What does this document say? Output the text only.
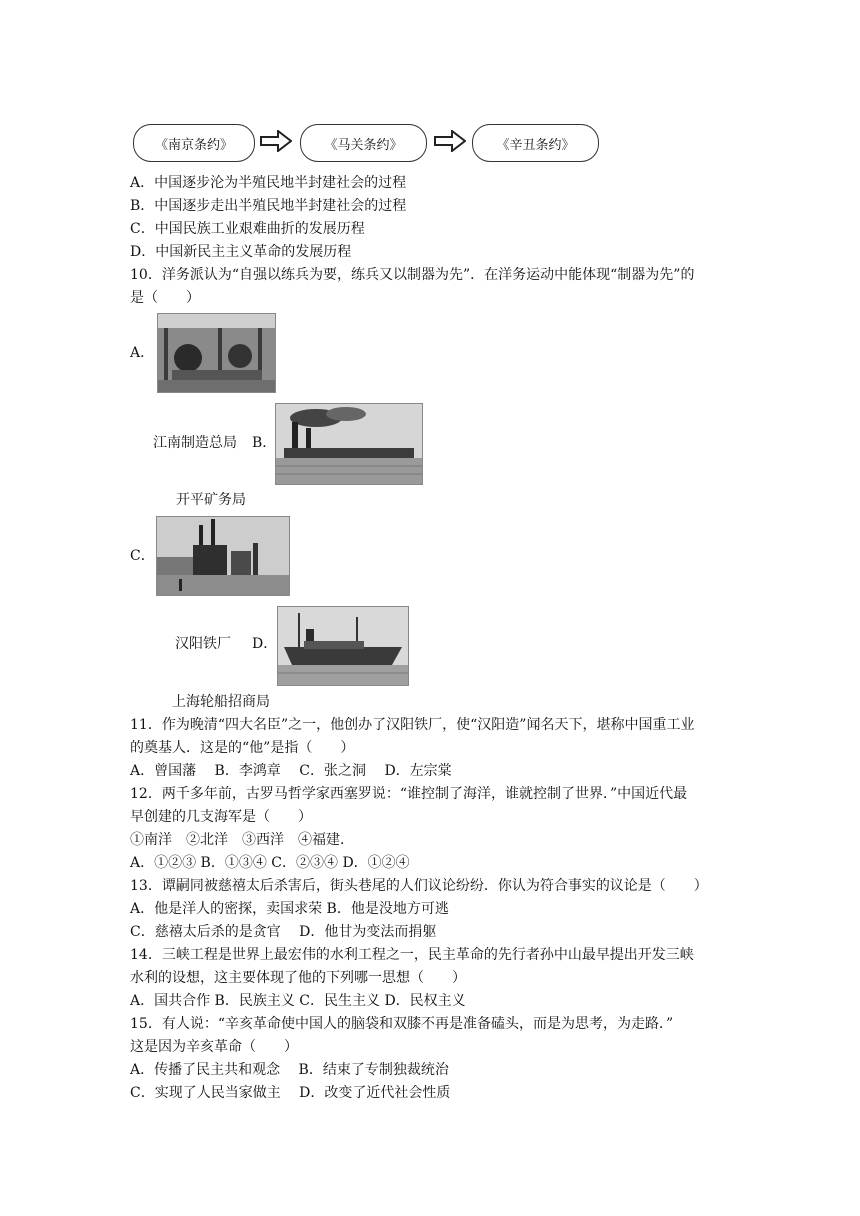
《南京条约》	《马关条约》	《辛丑条约》
A．中国逐步沦为半殖民地半封建社会的过程
B．中国逐步走出半殖民地半封建社会的过程
C．中国民族工业艰难曲折的发展历程
D．中国新民主主义革命的发展历程
10．洋务派认为“自强以练兵为要，练兵又以制器为先”．在洋务运动中能体现“制器为先”的
是（　　）
A．
江南制造总局 B．
开平矿务局
C．
汉阳铁厂 D．
上海轮船招商局
11．作为晚清“四大名臣”之一，他创办了汉阳铁厂，使“汉阳造”闻名天下，堪称中国重工业
的奠基人．这是的“他”是指（　　）
A．曾国藩　 B．李鸿章　 C．张之洞　 D．左宗棠
12．两千多年前，古罗马哲学家西塞罗说：“谁控制了海洋，谁就控制了世界．”中国近代最
早创建的几支海军是（　　）
①南洋　②北洋　③西洋　④福建．
A．①②③ B．①③④ C．②③④ D．①②④
13．谭嗣同被慈禧太后杀害后，街头巷尾的人们议论纷纷．你认为符合事实的议论是（　　）
A．他是洋人的密探，卖国求荣 B．他是没地方可逃
C．慈禧太后杀的是贪官　 D．他甘为变法而捐躯
14．三峡工程是世界上最宏伟的水利工程之一，民主革命的先行者孙中山最早提出开发三峡
水利的设想，这主要体现了他的下列哪一思想（　　）
A．国共合作 B．民族主义 C．民生主义 D．民权主义
15．有人说：“辛亥革命使中国人的脑袋和双膝不再是准备磕头，而是为思考，为走路．”
这是因为辛亥革命（　　）
A．传播了民主共和观念　 B．结束了专制独裁统治
C．实现了人民当家做主　 D．改变了近代社会性质
